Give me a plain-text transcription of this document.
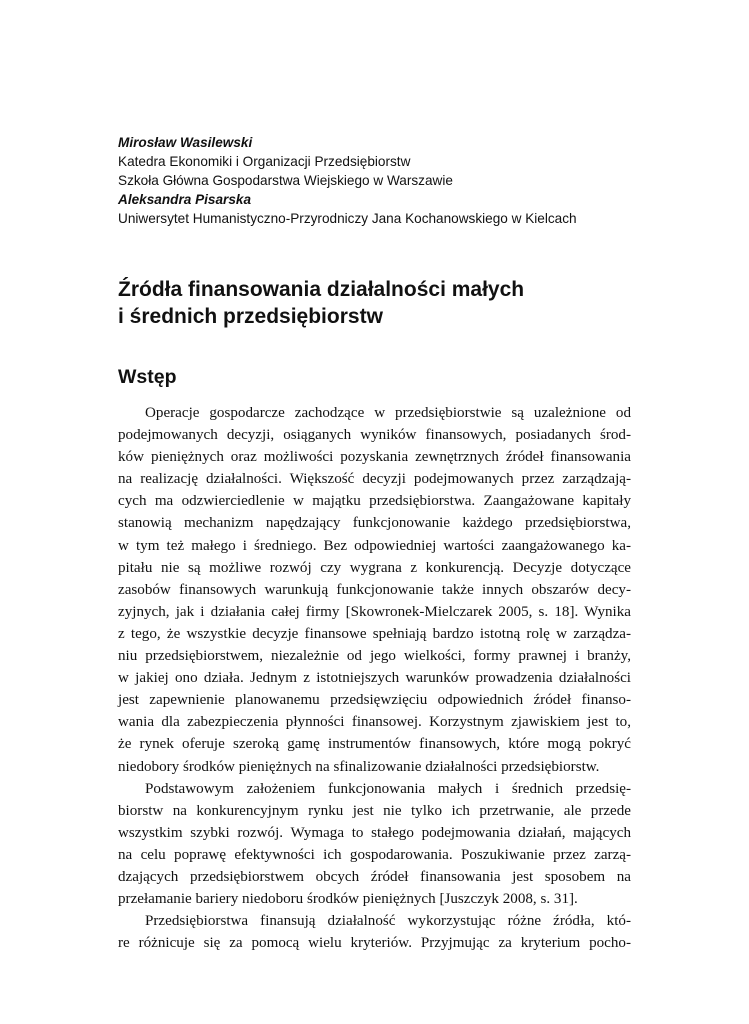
Mirosław Wasilewski
Katedra Ekonomiki i Organizacji Przedsiębiorstw
Szkoła Główna Gospodarstwa Wiejskiego w Warszawie
Aleksandra Pisarska
Uniwersytet Humanistyczno-Przyrodniczy Jana Kochanowskiego w Kielcach
Źródła finansowania działalności małych
i średnich przedsiębiorstw
Wstęp
Operacje gospodarcze zachodzące w przedsiębiorstwie są uzależnione od
podejmowanych decyzji, osiąganych wyników finansowych, posiadanych środ-
ków pieniężnych oraz możliwości pozyskania zewnętrznych źródeł finansowania
na realizację działalności. Większość decyzji podejmowanych przez zarządzają-
cych ma odzwierciedlenie w majątku przedsiębiorstwa. Zaangażowane kapitały
stanowią mechanizm napędzający funkcjonowanie każdego przedsiębiorstwa,
w tym też małego i średniego. Bez odpowiedniej wartości zaangażowanego ka-
pitału nie są możliwe rozwój czy wygrana z konkurencją. Decyzje dotyczące
zasobów finansowych warunkują funkcjonowanie także innych obszarów decy-
zyjnych, jak i działania całej firmy [Skowronek-Mielczarek 2005, s. 18]. Wynika
z tego, że wszystkie decyzje finansowe spełniają bardzo istotną rolę w zarządza-
niu przedsiębiorstwem, niezależnie od jego wielkości, formy prawnej i branży,
w jakiej ono działa. Jednym z istotniejszych warunków prowadzenia działalności
jest zapewnienie planowanemu przedsięwzięciu odpowiednich źródeł finanso-
wania dla zabezpieczenia płynności finansowej. Korzystnym zjawiskiem jest to,
że rynek oferuje szeroką gamę instrumentów finansowych, które mogą pokryć
niedobory środków pieniężnych na sfinalizowanie działalności przedsiębiorstw.
Podstawowym założeniem funkcjonowania małych i średnich przedsię-
biorstw na konkurencyjnym rynku jest nie tylko ich przetrwanie, ale przede
wszystkim szybki rozwój. Wymaga to stałego podejmowania działań, mających
na celu poprawę efektywności ich gospodarowania. Poszukiwanie przez zarzą-
dzających przedsiębiorstwem obcych źródeł finansowania jest sposobem na
przełamanie bariery niedoboru środków pieniężnych [Juszczyk 2008, s. 31].
Przedsiębiorstwa finansują działalność wykorzystując różne źródła, któ-
re różnicuje się za pomocą wielu kryteriów. Przyjmując za kryterium pocho-
